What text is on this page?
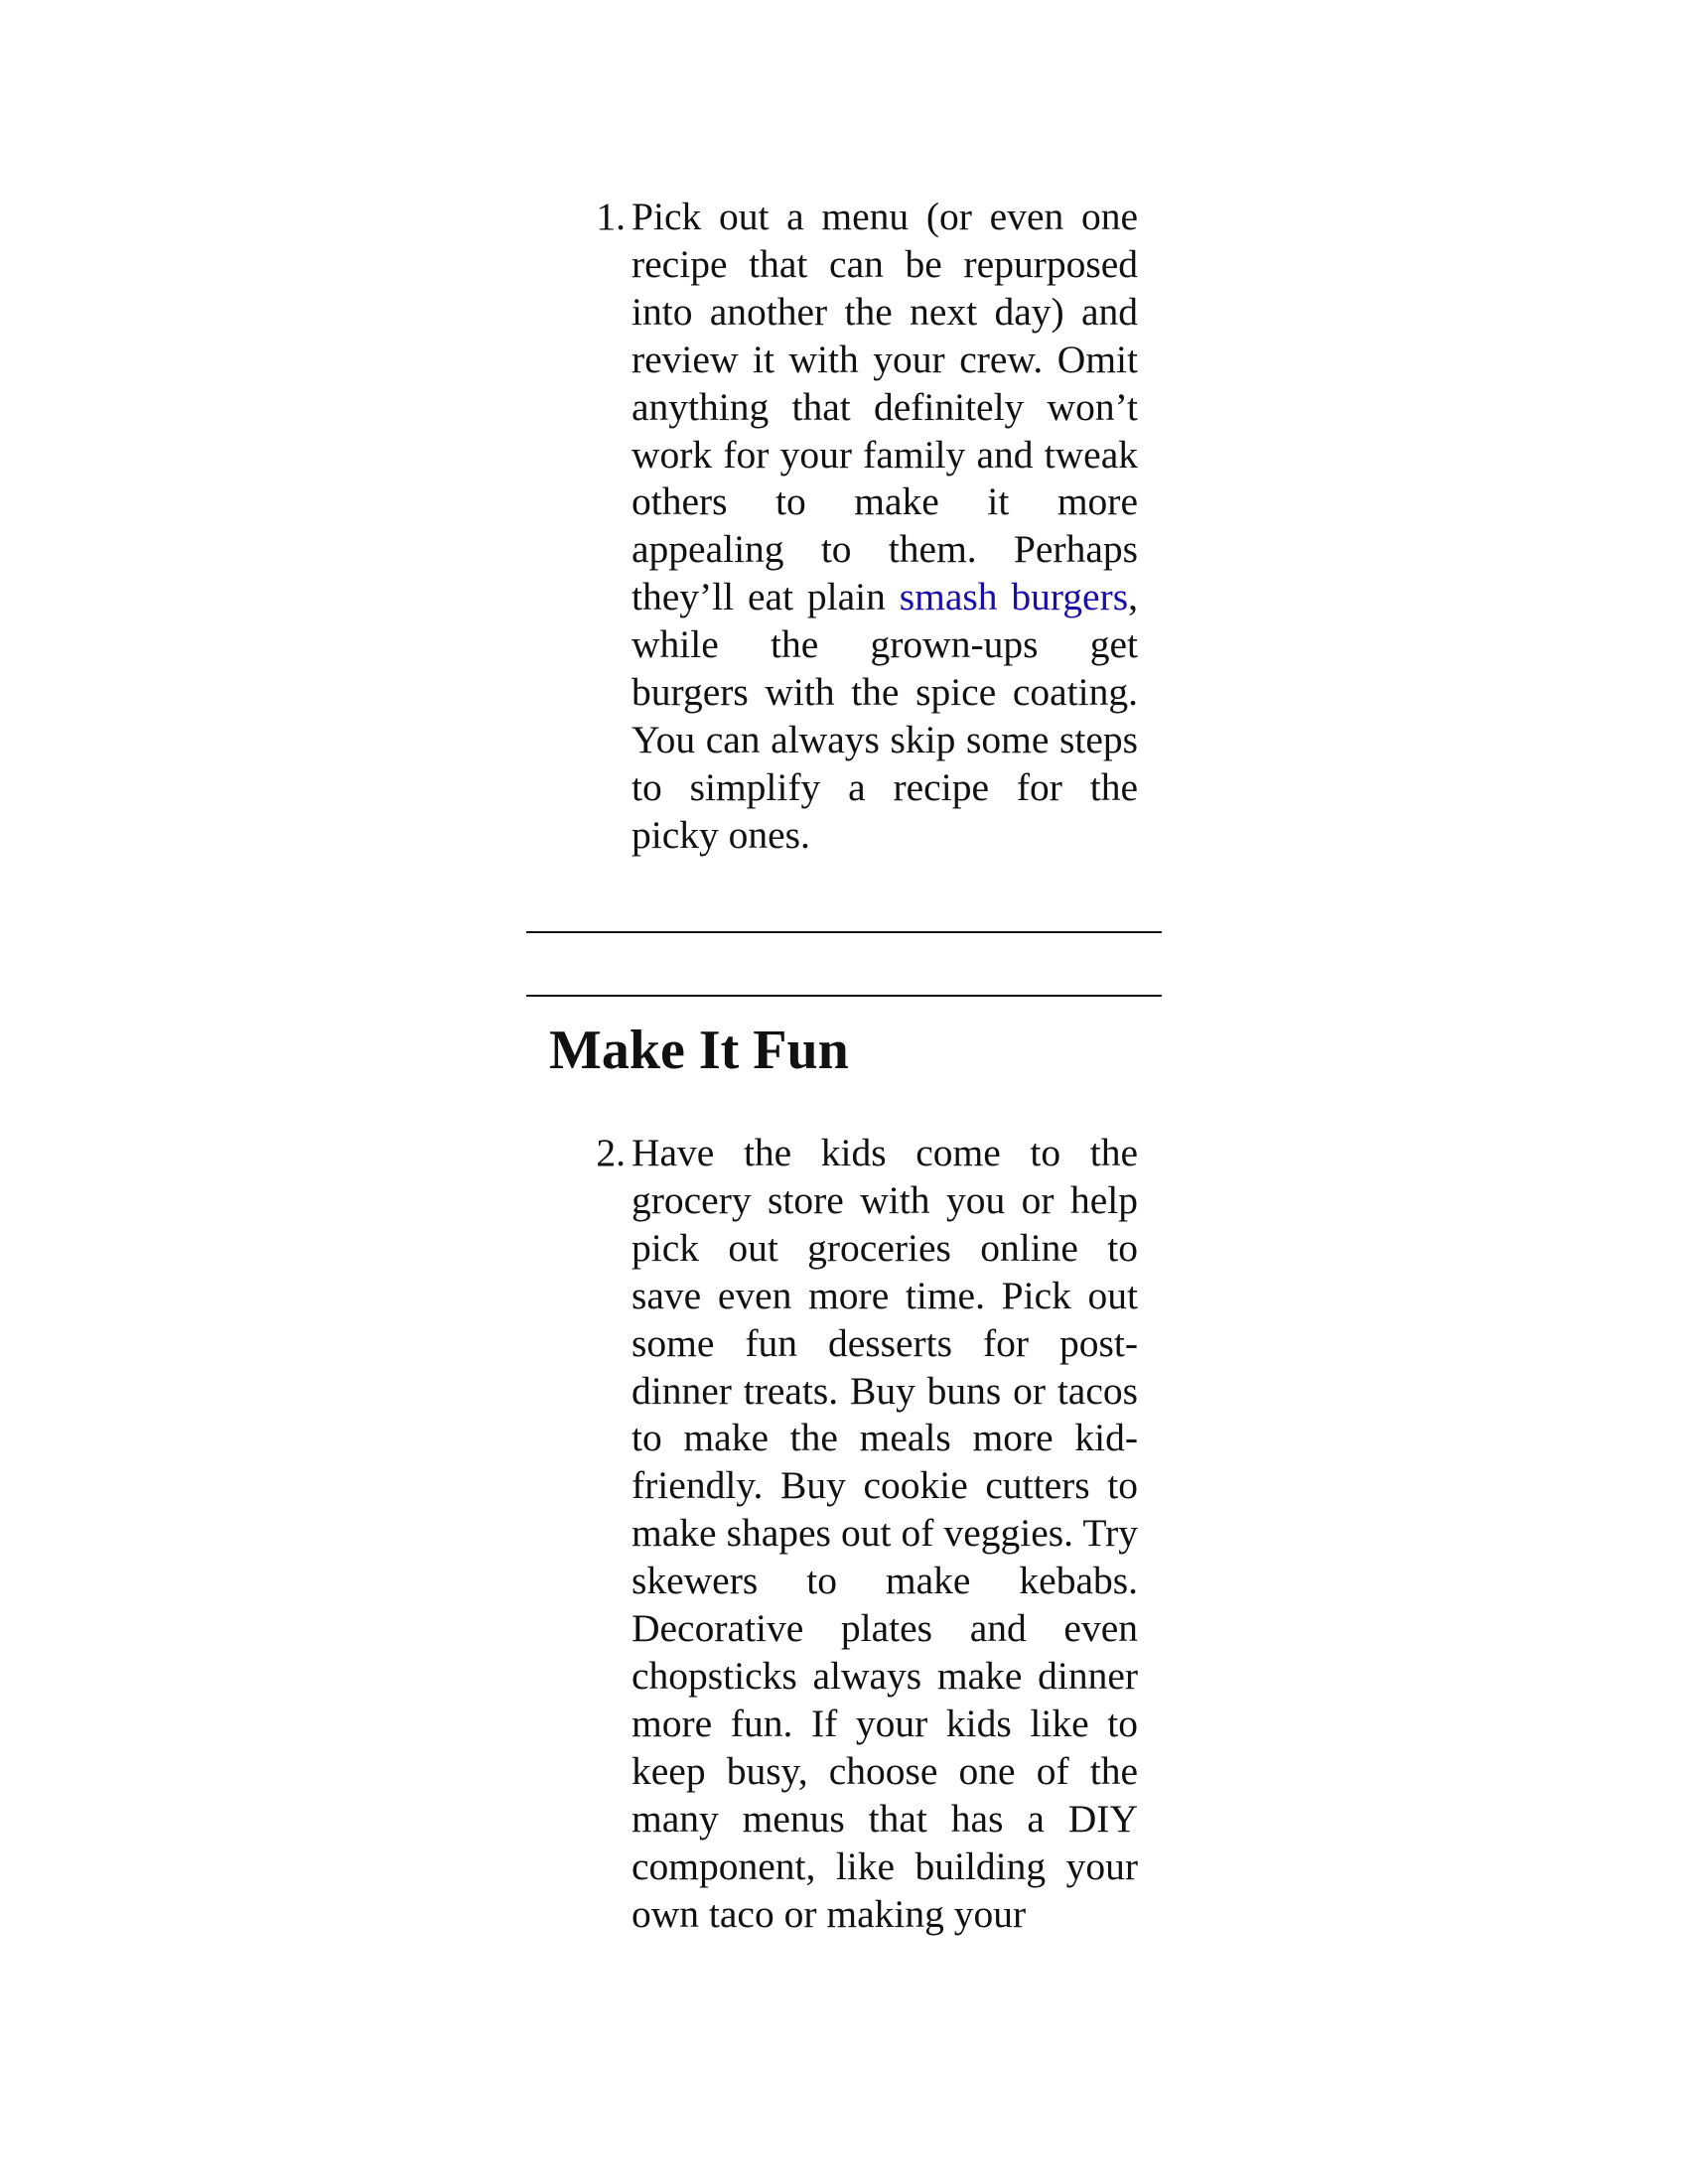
1. Pick out a menu (or even one recipe that can be repurposed into another the next day) and review it with your crew. Omit anything that definitely won’t work for your family and tweak others to make it more appealing to them. Perhaps they’ll eat plain smash burgers, while the grown-ups get burgers with the spice coating. You can always skip some steps to simplify a recipe for the picky ones.
Make It Fun
2. Have the kids come to the grocery store with you or help pick out groceries online to save even more time. Pick out some fun desserts for post-dinner treats. Buy buns or tacos to make the meals more kid-friendly. Buy cookie cutters to make shapes out of veggies. Try skewers to make kebabs. Decorative plates and even chopsticks always make dinner more fun. If your kids like to keep busy, choose one of the many menus that has a DIY component, like building your own taco or making your
